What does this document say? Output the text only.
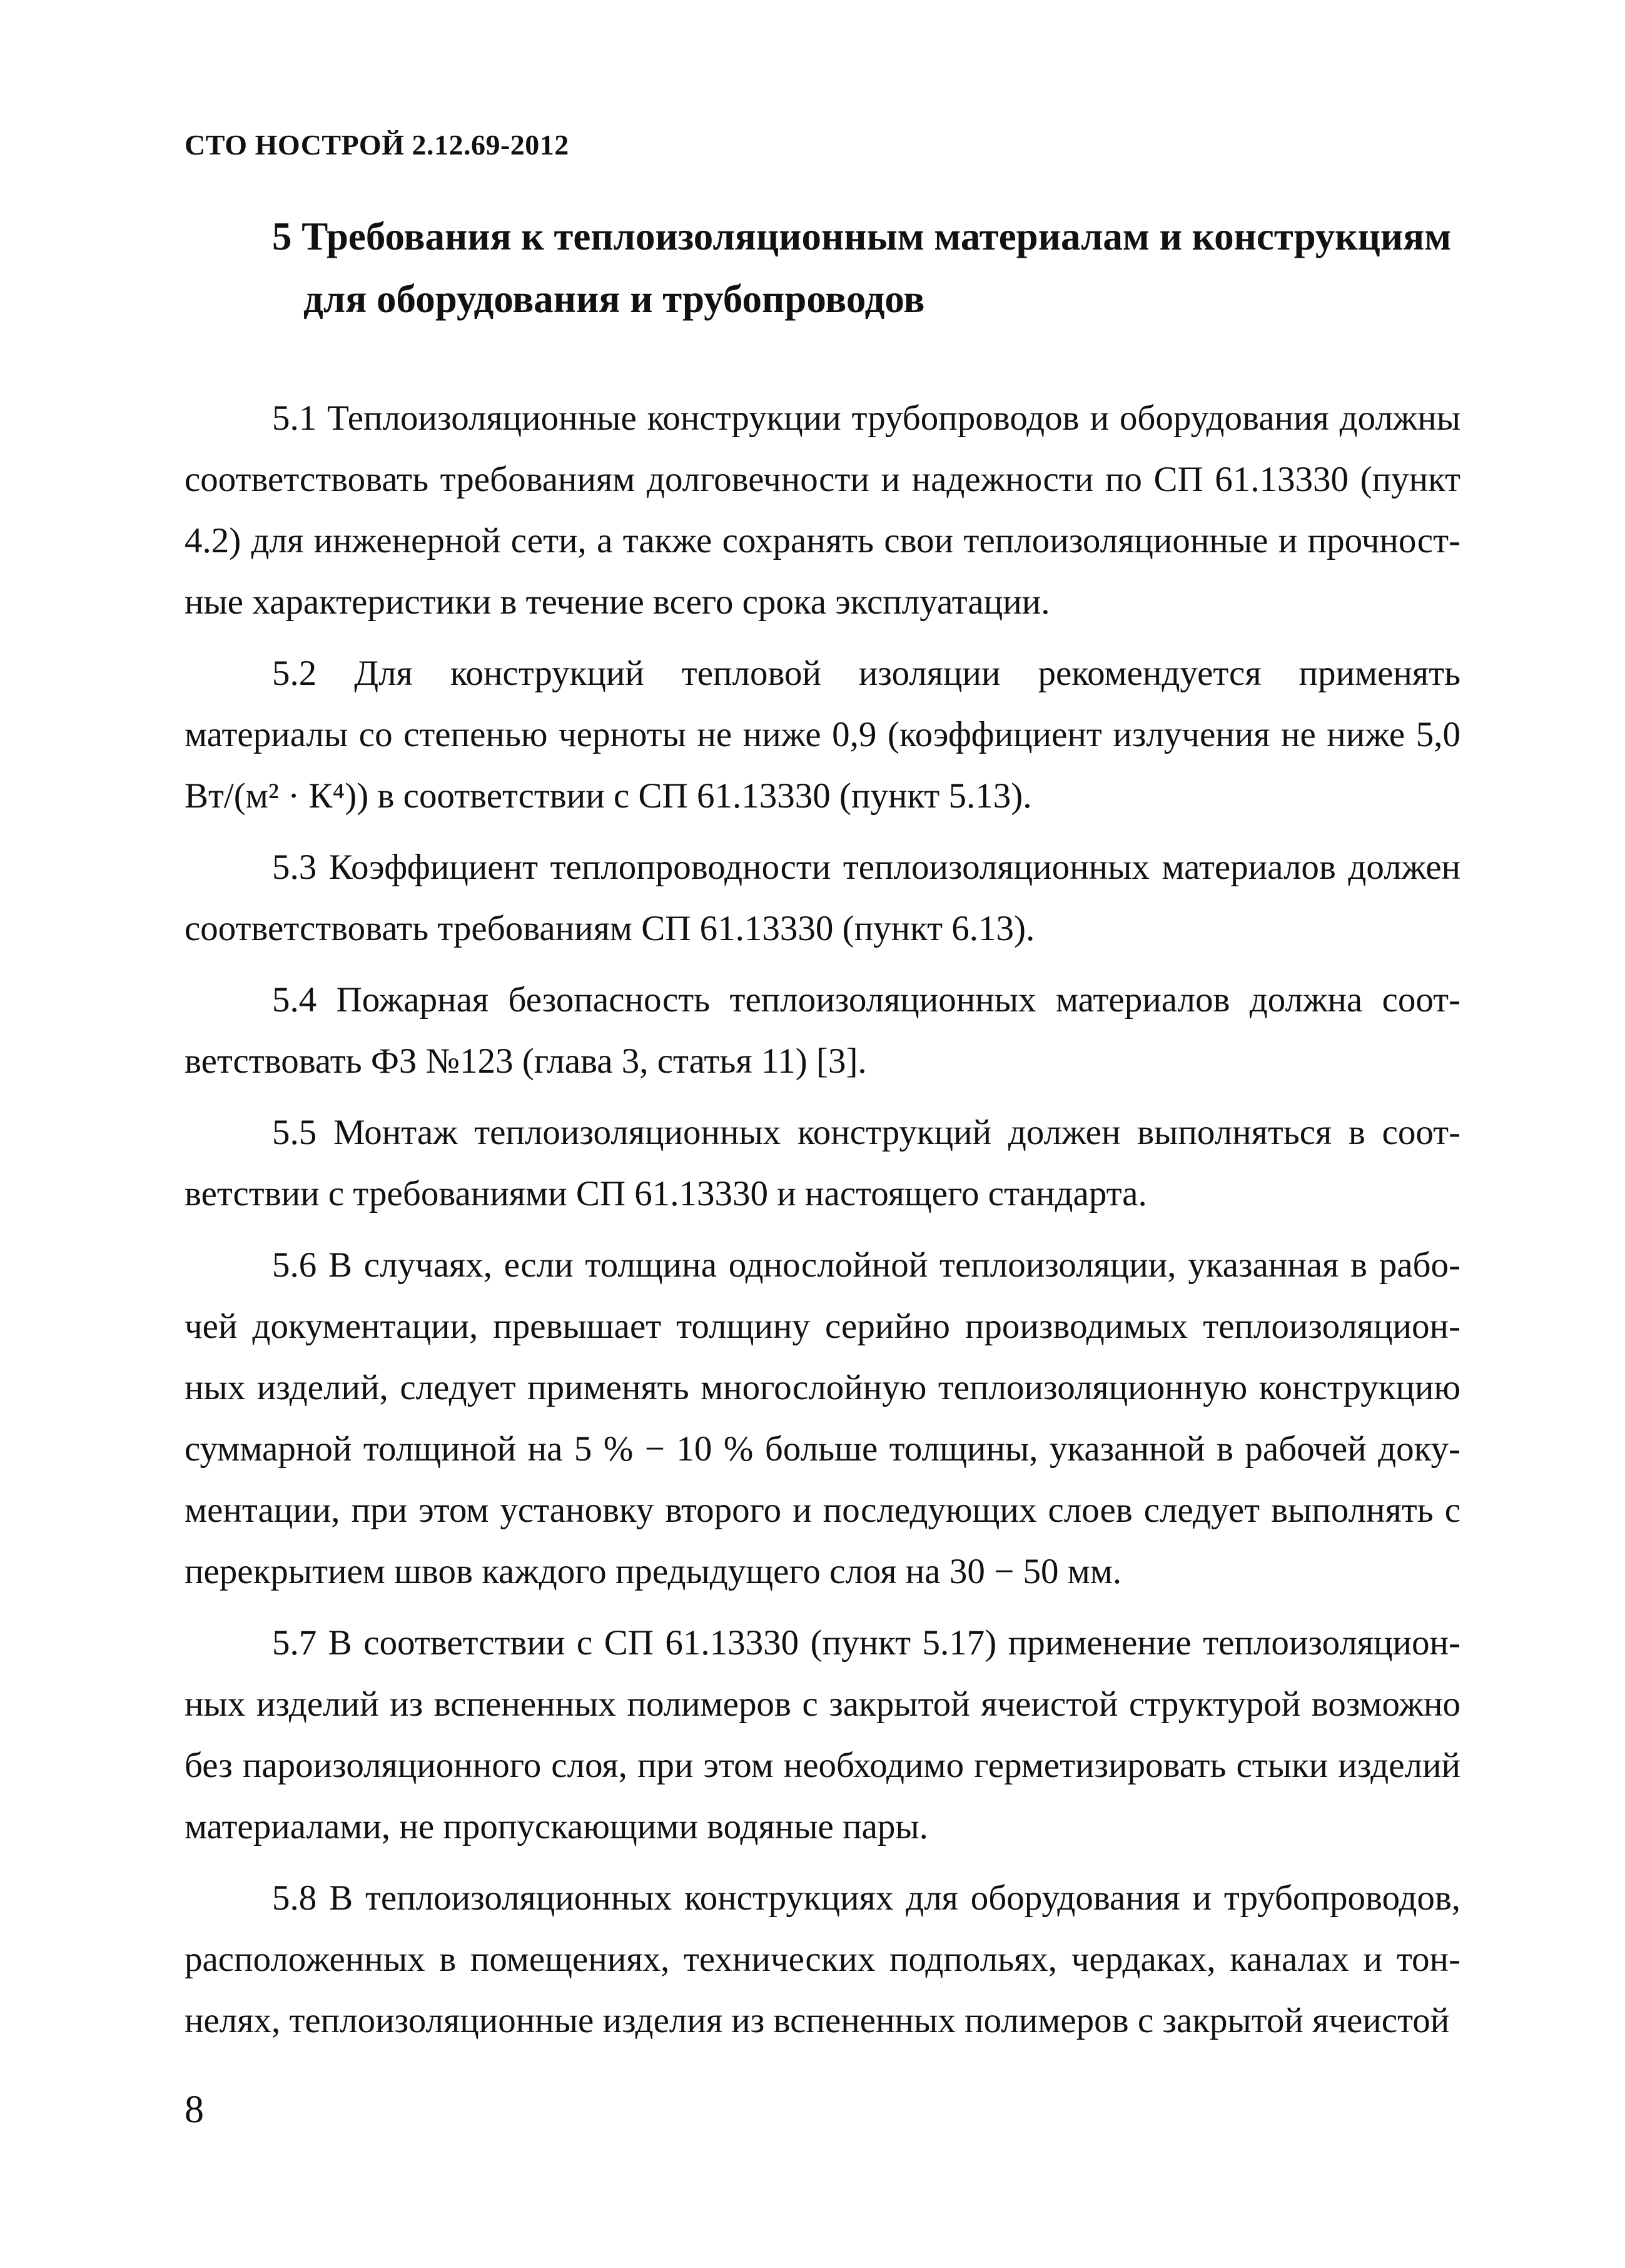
СТО НОСТРОЙ 2.12.69-2012
5 Требования к теплоизоляционным материалам и конструкциям
для оборудования и трубопроводов

5.1 Теплоизоляционные конструкции трубопроводов и оборудования должны соответствовать требованиям долговечности и надежности по СП 61.13330 (пункт 4.2) для инженерной сети, а также сохранять свои теплоизоляционные и прочностные характеристики в течение всего срока эксплуатации.

5.2 Для конструкций тепловой изоляции рекомендуется применять материалы со степенью черноты не ниже 0,9 (коэффициент излучения не ниже 5,0 Вт/(м² · К⁴)) в соответствии с СП 61.13330 (пункт 5.13).

5.3 Коэффициент теплопроводности теплоизоляционных материалов должен соответствовать требованиям СП 61.13330 (пункт 6.13).

5.4 Пожарная безопасность теплоизоляционных материалов должна соответствовать ФЗ №123 (глава 3, статья 11) [3].

5.5 Монтаж теплоизоляционных конструкций должен выполняться в соответствии с требованиями СП 61.13330 и настоящего стандарта.

5.6 В случаях, если толщина однослойной теплоизоляции, указанная в рабочей документации, превышает толщину серийно производимых теплоизоляционных изделий, следует применять многослойную теплоизоляционную конструкцию суммарной толщиной на 5 % − 10 % больше толщины, указанной в рабочей документации, при этом установку второго и последующих слоев следует выполнять с перекрытием швов каждого предыдущего слоя на 30 − 50 мм.

5.7 В соответствии с СП 61.13330 (пункт 5.17) применение теплоизоляционных изделий из вспененных полимеров с закрытой ячеистой структурой возможно без пароизоляционного слоя, при этом необходимо герметизировать стыки изделий материалами, не пропускающими водяные пары.

5.8 В теплоизоляционных конструкциях для оборудования и трубопроводов, расположенных в помещениях, технических подпольях, чердаках, каналах и тоннелях, теплоизоляционные изделия из вспененных полимеров с закрытой ячеистой

8
